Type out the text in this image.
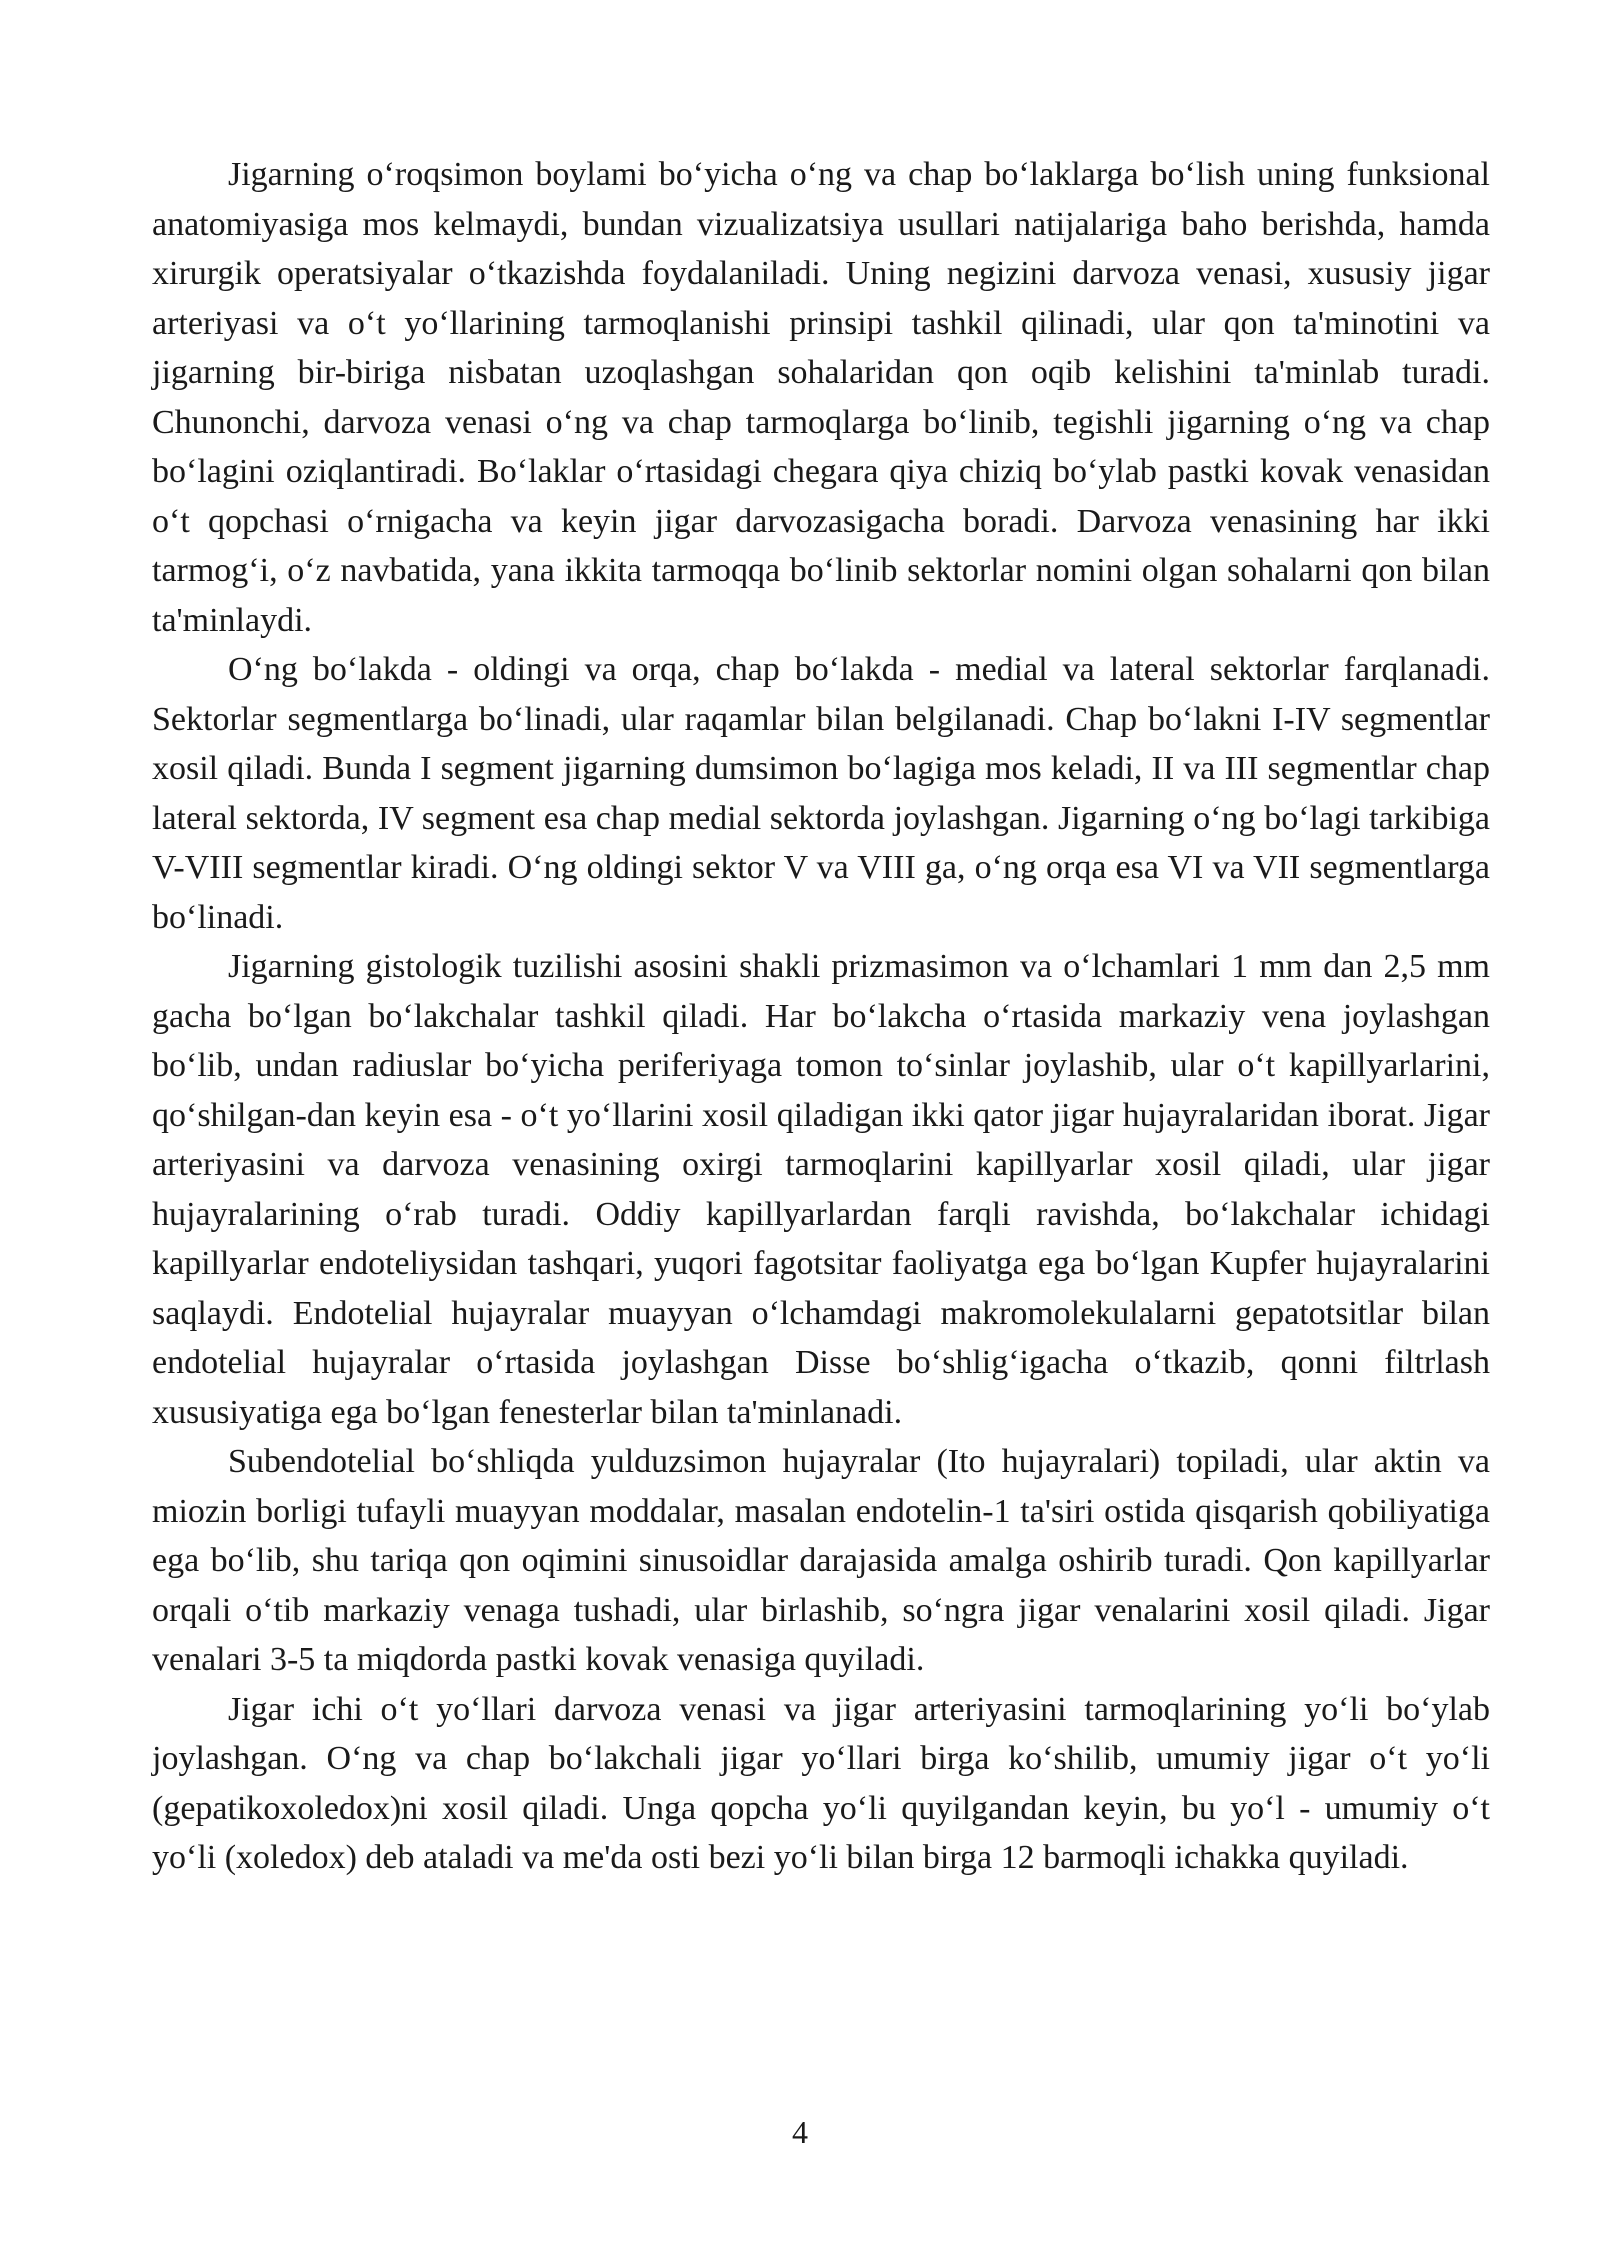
Jigarning o‘roqsimon boylami bo‘yicha o‘ng va chap bo‘laklarga bo‘lish uning funksional anatomiyasiga mos kelmaydi, bundan vizualizatsiya usullari natijalariga baho berishda, hamda xirurgik operatsiyalar o‘tkazishda foydalaniladi. Uning negizini darvoza venasi, xususiy jigar arteriyasi va o‘t yo‘llarining tarmoqlanishi prinsipi tashkil qilinadi, ular qon ta'minotini va jigarning bir-biriga nisbatan uzoqlashgan sohalaridan qon oqib kelishini ta'minlab turadi. Chunonchi, darvoza venasi o‘ng va chap tarmoqlarga bo‘linib, tegishli jigarning o‘ng va chap bo‘lagini oziqlantiradi. Bo‘laklar o‘rtasidagi chegara qiya chiziq bo‘ylab pastki kovak venasidan o‘t qopchasi o‘rnigacha va keyin jigar darvozasigacha boradi. Darvoza venasining har ikki tarmog‘i, o‘z navbatida, yana ikkita tarmoqqa bo‘linib sektorlar nomini olgan sohalarni qon bilan ta'minlaydi.

O‘ng bo‘lakda - oldingi va orqa, chap bo‘lakda - medial va lateral sektorlar farqlanadi. Sektorlar segmentlarga bo‘linadi, ular raqamlar bilan belgilanadi. Chap bo‘lakni I-IV segmentlar xosil qiladi. Bunda I segment jigarning dumsimon bo‘lagiga mos keladi, II va III segmentlar chap lateral sektorda, IV segment esa chap medial sektorda joylashgan. Jigarning o‘ng bo‘lagi tarkibiga V-VIII segmentlar kiradi. O‘ng oldingi sektor V va VIII ga, o‘ng orqa esa VI va VII segmentlarga bo‘linadi.

Jigarning gistologik tuzilishi asosini shakli prizmasimon va o‘lchamlari 1 mm dan 2,5 mm gacha bo‘lgan bo‘lakchalar tashkil qiladi. Har bo‘lakcha o‘rtasida markaziy vena joylashgan bo‘lib, undan radiuslar bo‘yicha periferiyaga tomon to‘sinlar joylashib, ular o‘t kapillyarlarini, qo‘shilgan-dan keyin esa - o‘t yo‘llarini xosil qiladigan ikki qator jigar hujayralaridan iborat. Jigar arteriyasini va darvoza venasining oxirgi tarmoqlarini kapillyarlar xosil qiladi, ular jigar hujayralarining o‘rab turadi. Oddiy kapillyarlardan farqli ravishda, bo‘lakchalar ichidagi kapillyarlar endoteliysidan tashqari, yuqori fagotsitar faoliyatga ega bo‘lgan Kupfer hujayralarini saqlaydi. Endotelial hujayralar muayyan o‘lchamdagi makromolekulalarni gepatotsitlar bilan endotelial hujayralar o‘rtasida joylashgan Disse bo‘shlig‘igacha o‘tkazib, qonni filtrlash xususiyatiga ega bo‘lgan fenesterlar bilan ta'minlanadi.

Subendotelial bo‘shliqda yulduzsimon hujayralar (Ito hujayralari) topiladi, ular aktin va miozin borligi tufayli muayyan moddalar, masalan endotelin-1 ta'siri ostida qisqarish qobiliyatiga ega bo‘lib, shu tariqa qon oqimini sinusoidlar darajasida amalga oshirib turadi. Qon kapillyarlar orqali o‘tib markaziy venaga tushadi, ular birlashib, so‘ngra jigar venalarini xosil qiladi. Jigar venalari 3-5 ta miqdorda pastki kovak venasiga quyiladi.

Jigar ichi o‘t yo‘llari darvoza venasi va jigar arteriyasini tarmoqlarining yo‘li bo‘ylab joylashgan. O‘ng va chap bo‘lakchali jigar yo‘llari birga ko‘shilib, umumiy jigar o‘t yo‘li (gepatikoxoledox)ni xosil qiladi. Unga qopcha yo‘li quyilgandan keyin, bu yo‘l - umumiy o‘t yo‘li (xoledox) deb ataladi va me'da osti bezi yo‘li bilan birga 12 barmoqli ichakka quyiladi.

4
